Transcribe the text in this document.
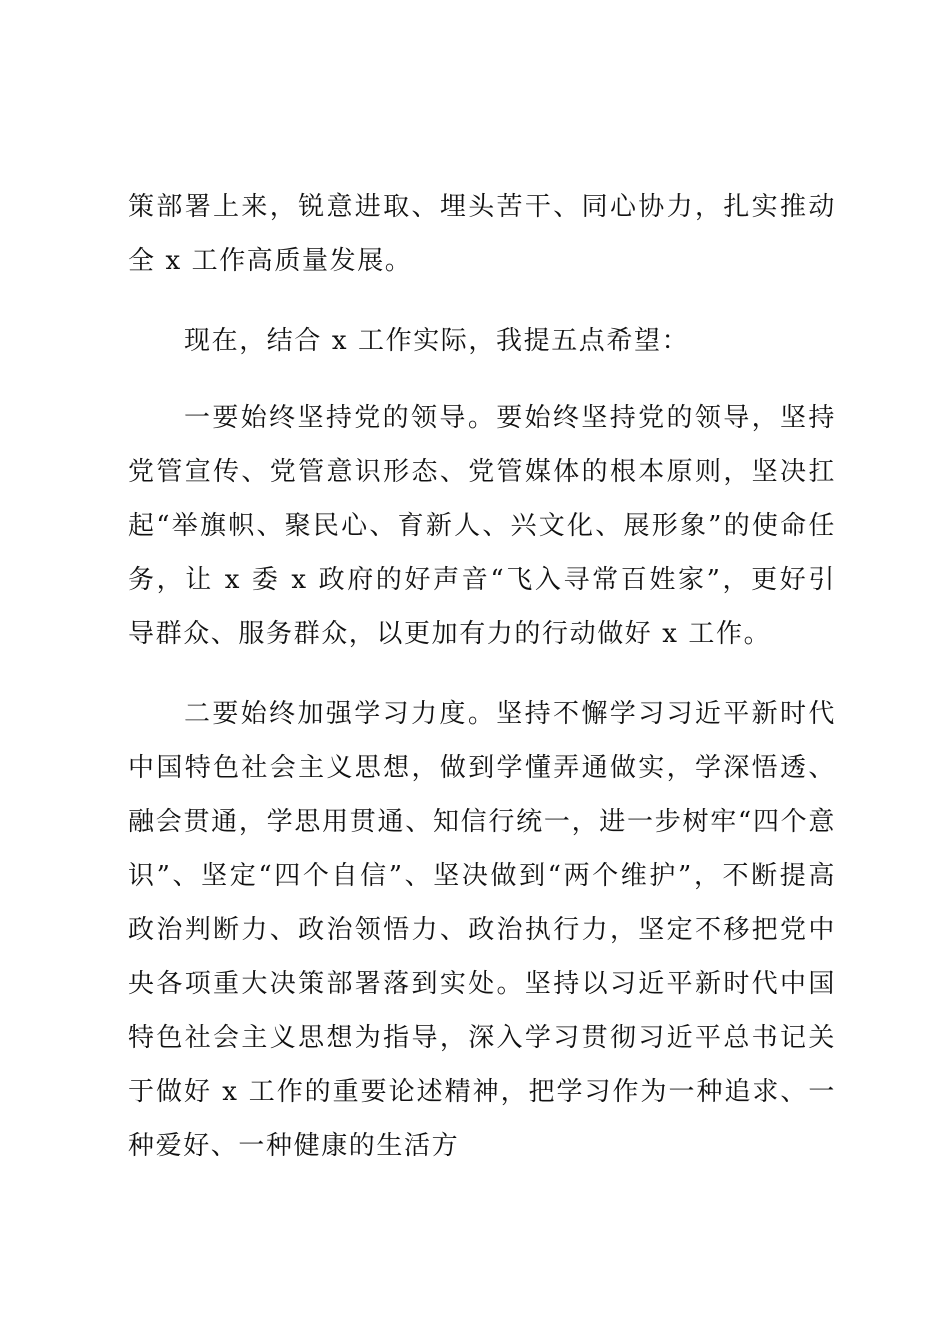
策部署上来，锐意进取、埋头苦干、同心协力，扎实推动全 x 工作高质量发展。

现在，结合 x 工作实际，我提五点希望：

一要始终坚持党的领导。要始终坚持党的领导，坚持党管宣传、党管意识形态、党管媒体的根本原则，坚决扛起“举旗帜、聚民心、育新人、兴文化、展形象”的使命任务，让 x 委 x 政府的好声音“飞入寻常百姓家”，更好引导群众、服务群众，以更加有力的行动做好 x 工作。

二要始终加强学习力度。坚持不懈学习习近平新时代中国特色社会主义思想，做到学懂弄通做实，学深悟透、融会贯通，学思用贯通、知信行统一，进一步树牢“四个意识”、坚定“四个自信”、坚决做到“两个维护”，不断提高政治判断力、政治领悟力、政治执行力，坚定不移把党中央各项重大决策部署落到实处。坚持以习近平新时代中国特色社会主义思想为指导，深入学习贯彻习近平总书记关于做好 x 工作的重要论述精神，把学习作为一种追求、一种爱好、一种健康的生活方
